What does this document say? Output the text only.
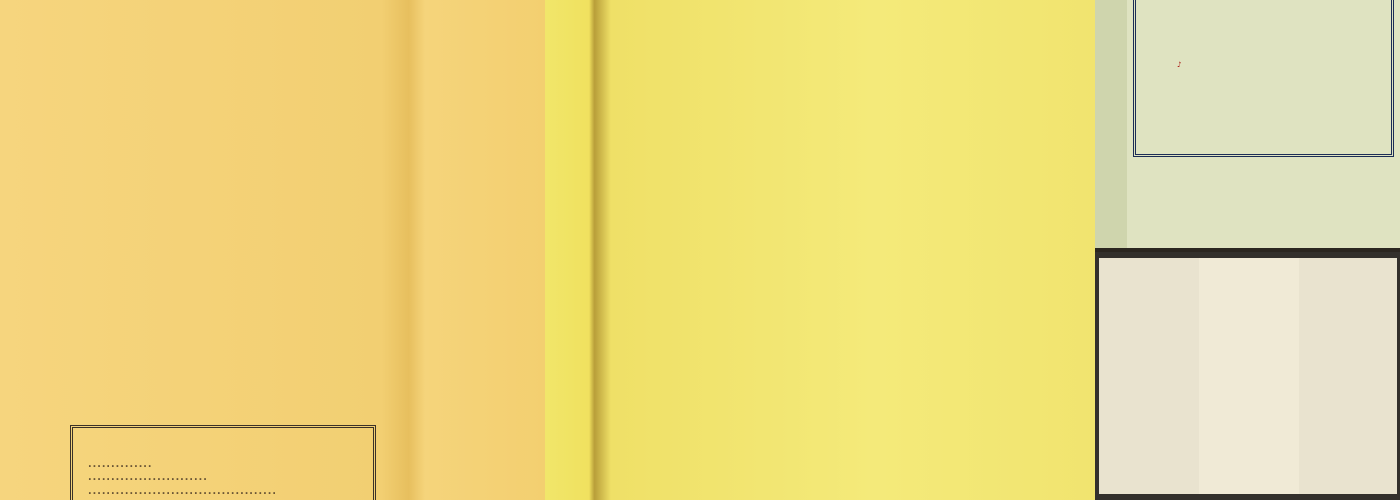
..............

..........................
.........................................
♪
